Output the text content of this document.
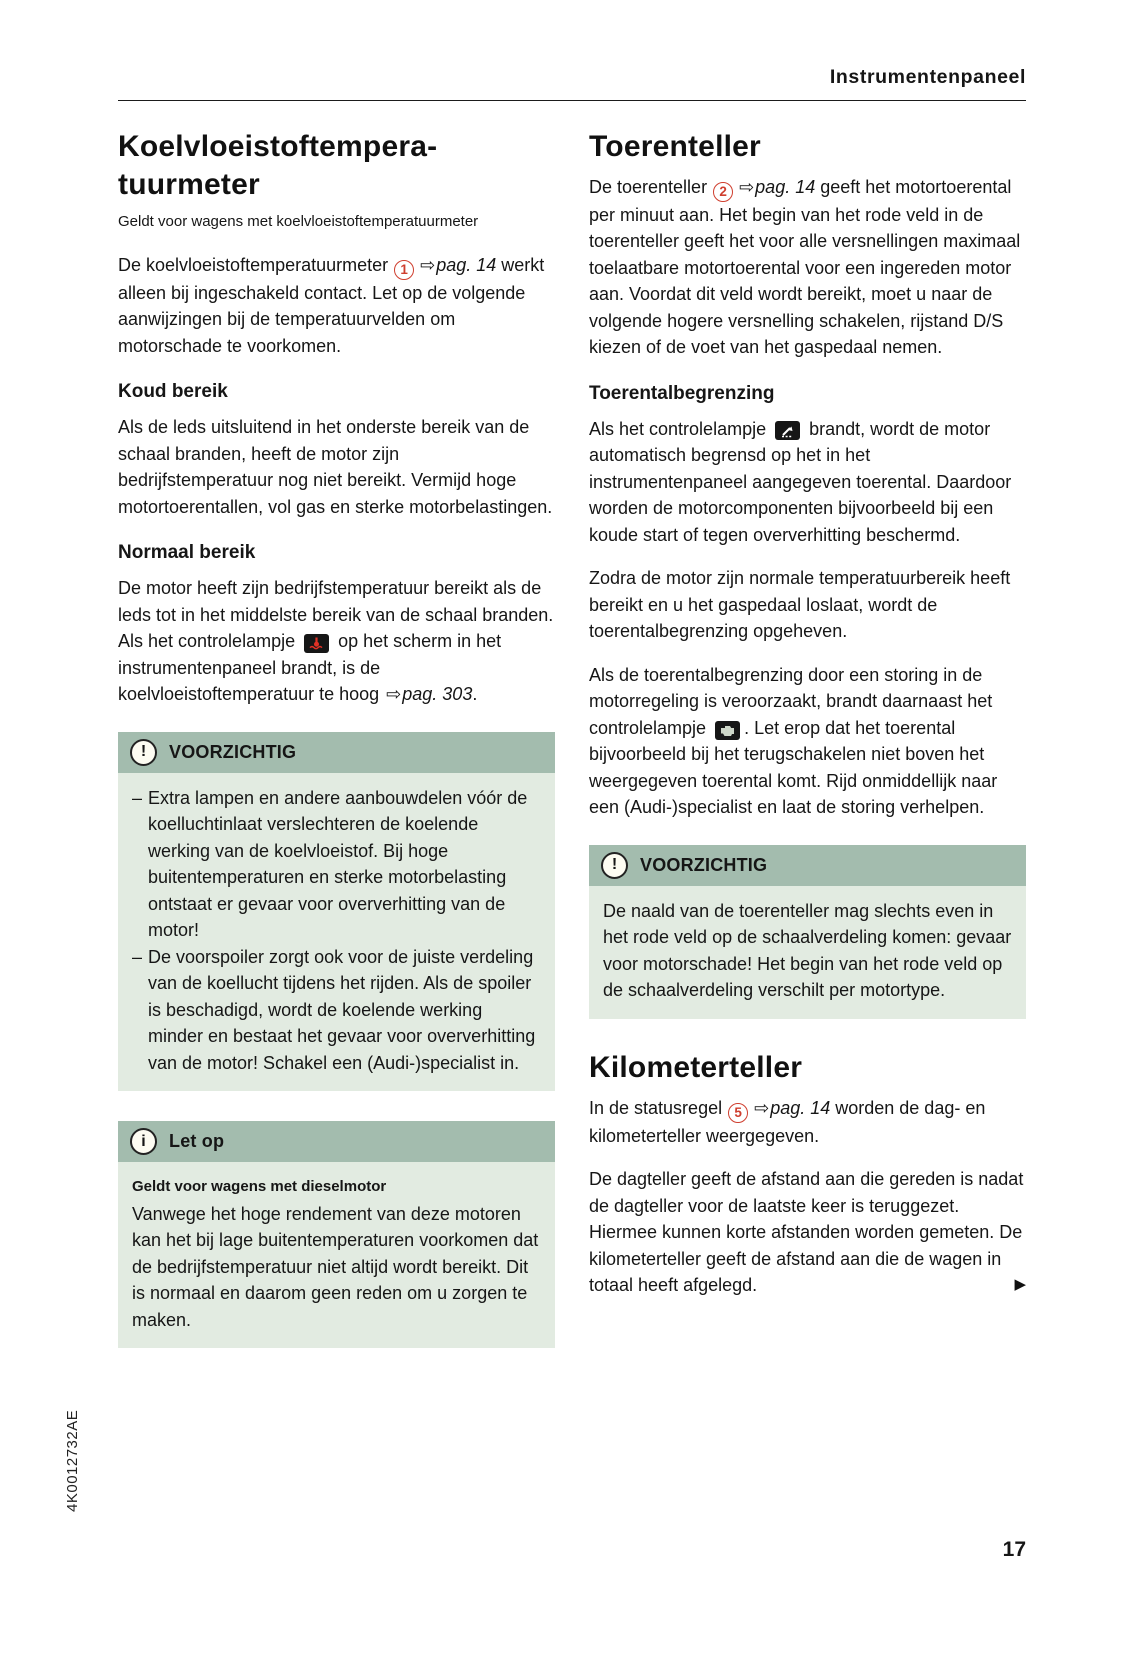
Instrumentenpaneel
Koelvloeistoftempera-
tuurmeter

Geldt voor wagens met koelvloeistoftemperatuurmeter

De koelvloeistoftemperatuurmeter 1 ⇨pag. 14 werkt alleen bij ingeschakeld contact. Let op de volgende aanwijzingen bij de temperatuurvelden om motorschade te voorkomen.

Koud bereik

Als de leds uitsluitend in het onderste bereik van de schaal branden, heeft de motor zijn bedrijfstemperatuur nog niet bereikt. Vermijd hoge motortoerentallen, vol gas en sterke motorbelastingen.

Normaal bereik

De motor heeft zijn bedrijfstemperatuur bereikt als de leds tot in het middelste bereik van de schaal branden. Als het controlelampje
op het scherm in het instrumentenpaneel brandt, is de koelvloeistoftemperatuur te hoog ⇨pag. 303.

! VOORZICHTIG
– Extra lampen en andere aanbouwdelen vóór de koelluchtinlaat verslechteren de koelende werking van de koelvloeistof. Bij hoge buitentemperaturen en sterke motorbelasting ontstaat er gevaar voor oververhitting van de motor!
– De voorspoiler zorgt ook voor de juiste verdeling van de koellucht tijdens het rijden. Als de spoiler is beschadigd, wordt de koelende werking minder en bestaat het gevaar voor oververhitting van de motor! Schakel een (Audi-)specialist in.
i Let op

Geldt voor wagens met dieselmotor

Vanwege het hoge rendement van deze motoren kan het bij lage buitentemperaturen voorkomen dat de bedrijfstemperatuur niet altijd wordt bereikt. Dit is normaal en daarom geen reden om u zorgen te maken.

Toerenteller

De toerenteller 2 ⇨pag. 14 geeft het motortoerental per minuut aan. Het begin van het rode veld in de toerenteller geeft het voor alle versnellingen maximaal toelaatbare motortoerental voor een ingereden motor aan. Voordat dit veld wordt bereikt, moet u naar de volgende hogere versnelling schakelen, rijstand D/S kiezen of de voet van het gaspedaal nemen.

Toerentalbegrenzing

Als het controlelampje
brandt, wordt de motor automatisch begrensd op het in het instrumentenpaneel aangegeven toerental. Daardoor worden de motorcomponenten bijvoorbeeld bij een koude start of tegen oververhitting beschermd.

Zodra de motor zijn normale temperatuurbereik heeft bereikt en u het gaspedaal loslaat, wordt de toerentalbegrenzing opgeheven.

Als de toerentalbegrenzing door een storing in de motorregeling is veroorzaakt, brandt daarnaast het controlelampje
. Let erop dat het toerental bijvoorbeeld bij het terugschakelen niet boven het weergegeven toerental komt. Rijd onmiddellijk naar een (Audi-)specialist en laat de storing verhelpen.

! VOORZICHTIG

De naald van de toerenteller mag slechts even in het rode veld op de schaalverdeling komen: gevaar voor motorschade! Het begin van het rode veld op de schaalverdeling verschilt per motortype.

Kilometerteller

In de statusregel 5 ⇨pag. 14 worden de dag- en kilometerteller weergegeven.

De dagteller geeft de afstand aan die gereden is nadat de dagteller voor de laatste keer is teruggezet. Hiermee kunnen korte afstanden worden gemeten. De kilometerteller geeft de afstand aan die de wagen in totaal heeft afgelegd.	▶

4K0012732AE
17
